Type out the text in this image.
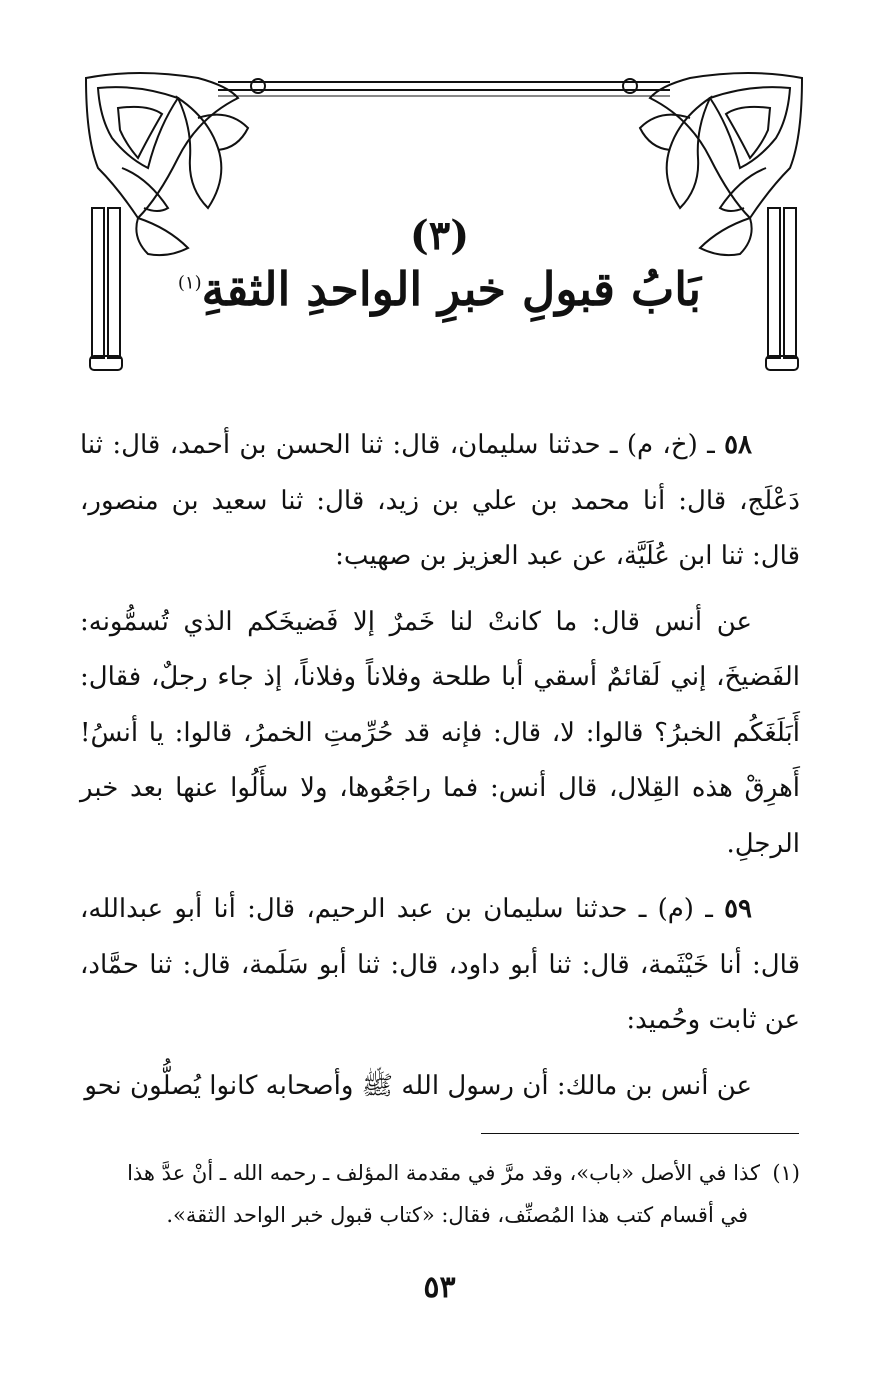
(٣)
بَابُ قبولِ خبرِ الواحدِ الثقةِ$^{(١)}$

٥٨ ـ (خ، م) ـ حدثنا سليمان، قال: ثنا الحسن بن أحمد، قال: ثنا دَعْلَج، قال: أنا محمد بن علي بن زيد، قال: ثنا سعيد بن منصور، قال: ثنا ابن عُلَيَّة، عن عبد العزيز بن صهيب:

عن أنس قال: ما كانتْ لنا خَمرٌ إلا فَضيخَكم الذي تُسمُّونه: الفَضيخَ، إني لَقائمٌ أسقي أبا طلحة وفلاناً وفلاناً، إذ جاء رجلٌ، فقال: أَبَلَغَكُم الخبرُ؟ قالوا: لا، قال: فإنه قد حُرِّمتِ الخمرُ، قالوا: يا أنسُ! أَهرِقْ هذه القِلال، قال أنس: فما راجَعُوها، ولا سأَلُوا عنها بعد خبر الرجلِ.

٥٩ ـ (م) ـ حدثنا سليمان بن عبد الرحيم، قال: أنا أبو عبدالله، قال: أنا خَيْثَمة، قال: ثنا أبو داود، قال: ثنا أبو سَلَمة، قال: ثنا حمَّاد، عن ثابت وحُميد:

عن أنس بن مالك: أن رسول الله ﷺ وأصحابه كانوا يُصلُّون نحو

(١)كذا في الأصل «باب»، وقد مرَّ في مقدمة المؤلف ـ رحمه الله ـ أنْ عدَّ هذا

في أقسام كتب هذا المُصنِّف، فقال: «كتاب قبول خبر الواحد الثقة».

٥٣
